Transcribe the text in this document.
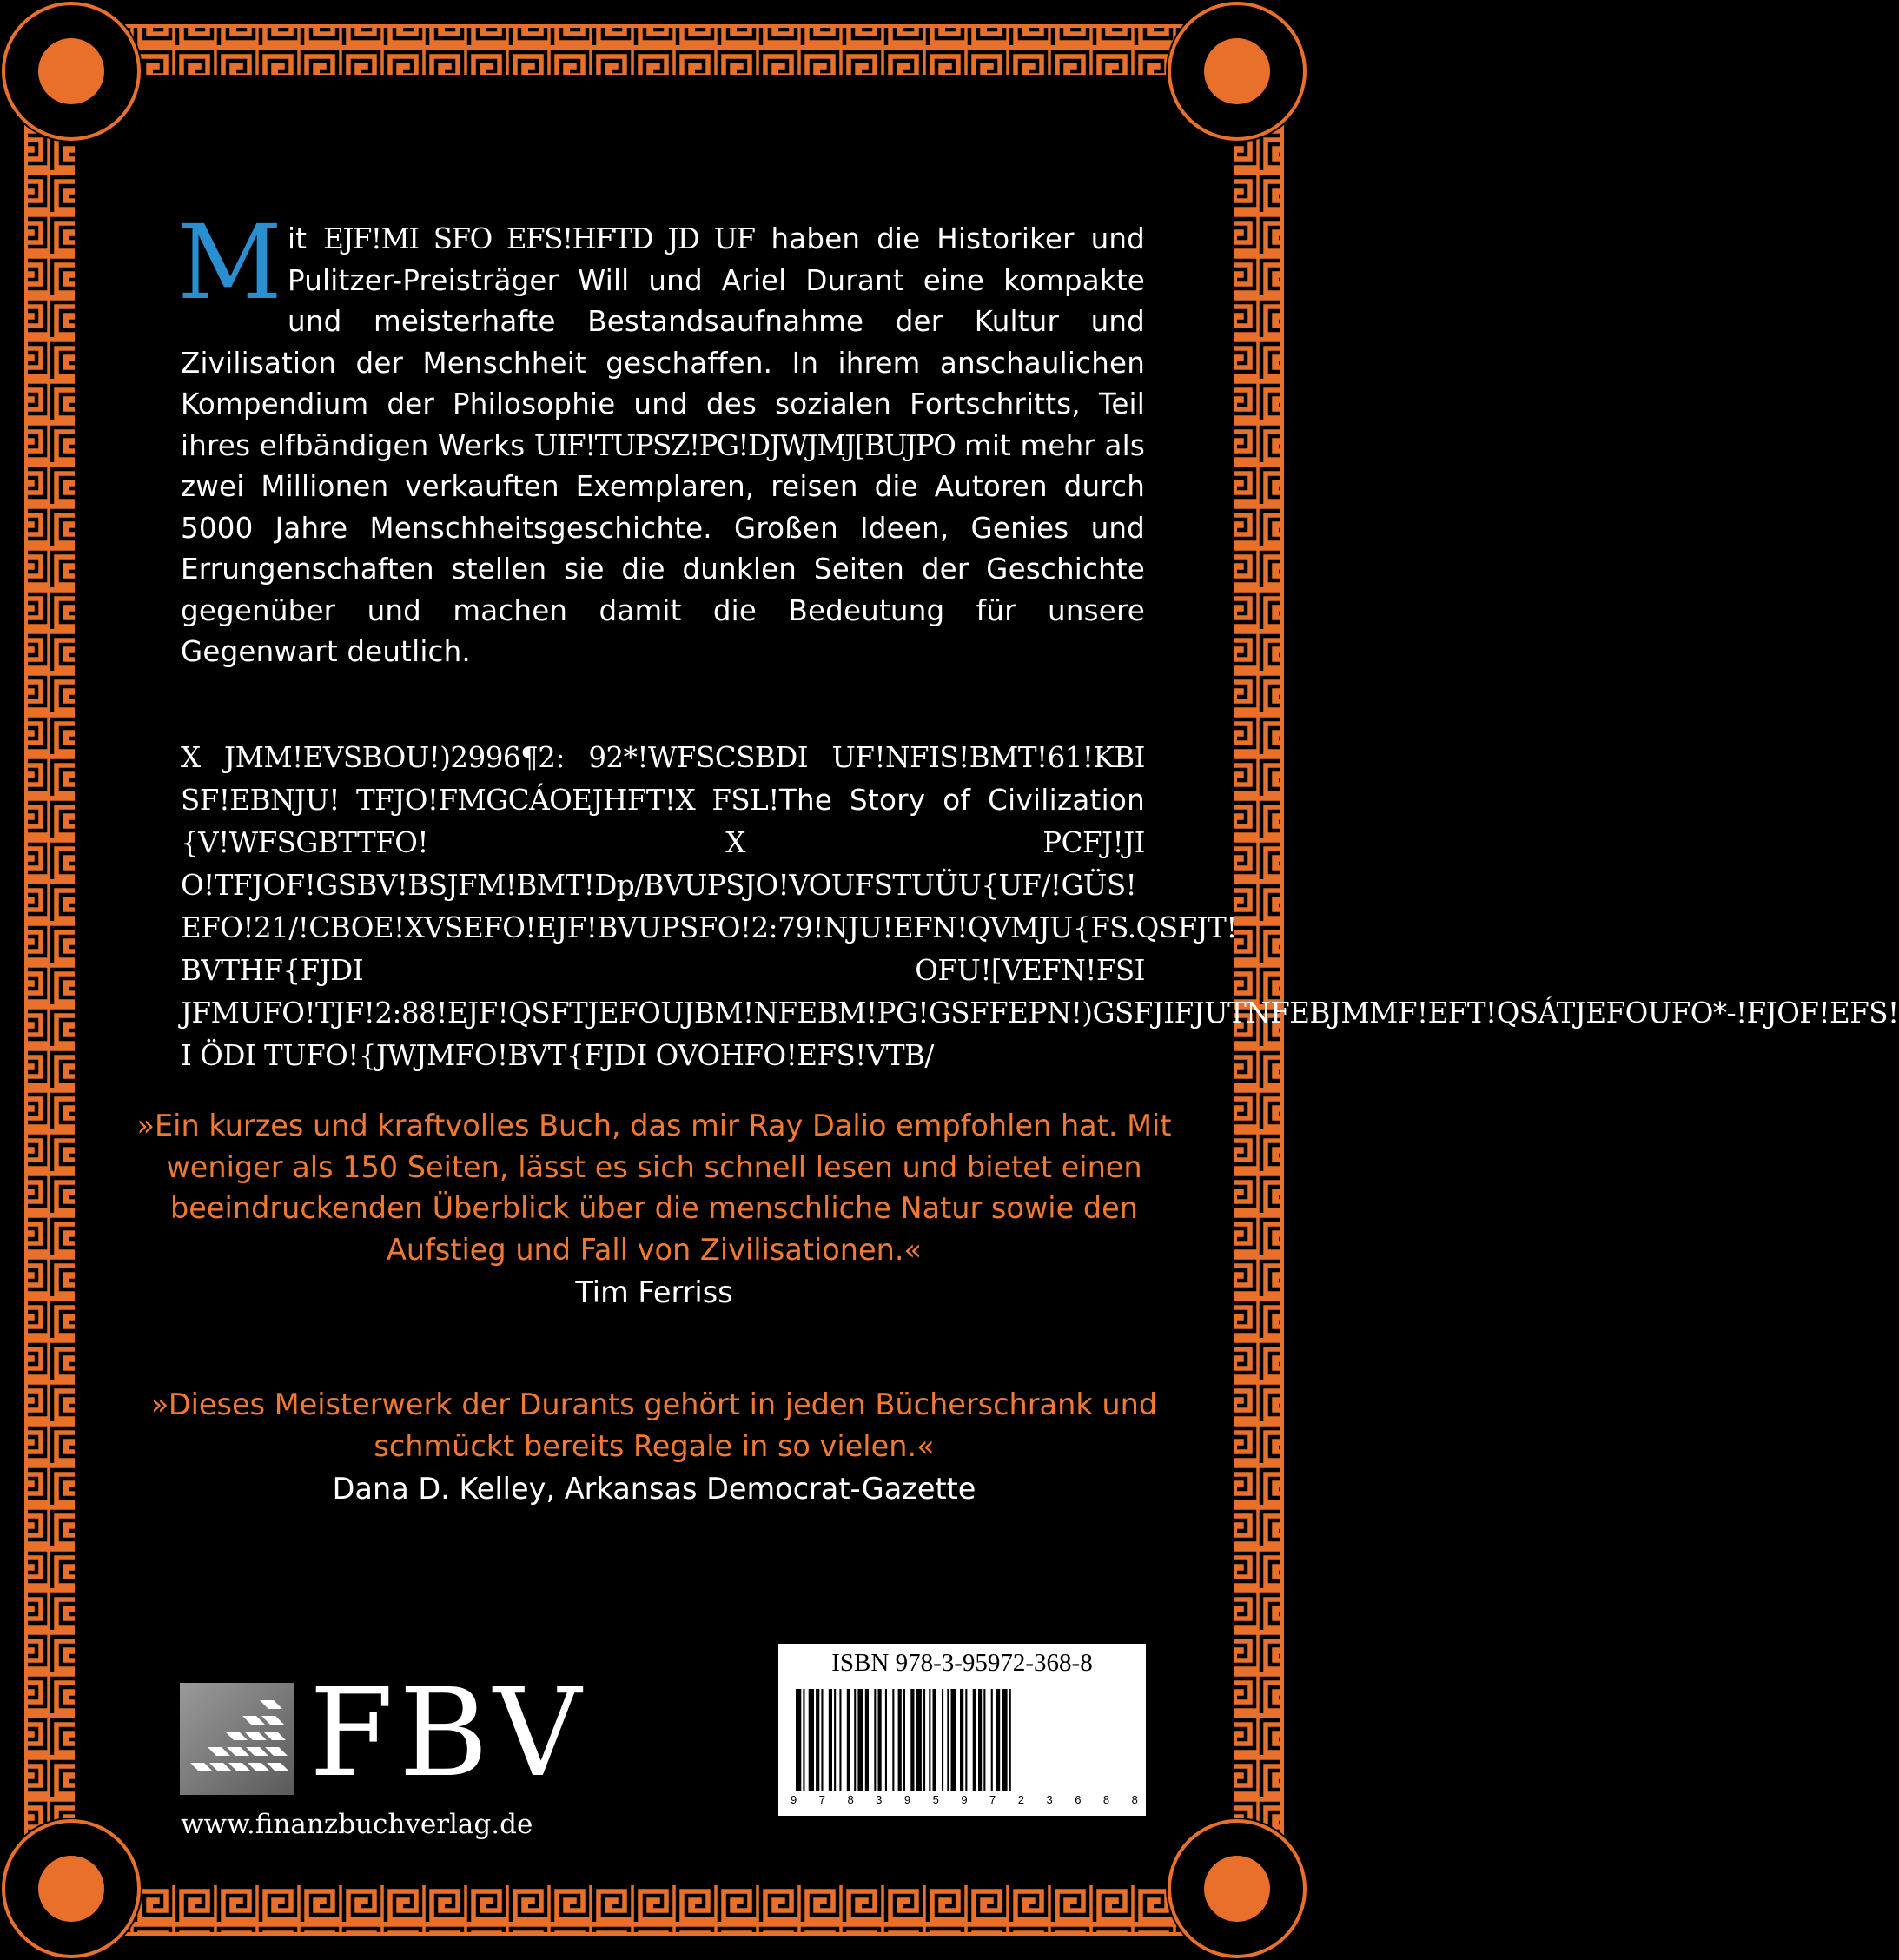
Mit EJF!MI SFO EFS!HFTD JD UF haben die Historiker und Pulitzer-Preisträger Will und Ariel Durant eine kompakte und meisterhafte Bestandsaufnahme der Kultur und Zivilisation der Menschheit geschaffen. In ihrem anschaulichen Kompendium der Philosophie und des sozialen Fortschritts, Teil ihres elfbändigen Werks UIF!TUPSZ!PG!DJWJMJ[BUJPO mit mehr als zwei Millionen verkauften Exemplaren, reisen die Autoren durch 5000 Jahre Menschheitsgeschichte. Großen Ideen, Genies und Errungenschaften stellen sie die dunklen Seiten der Geschichte gegenüber und machen damit die Bedeutung für unsere Gegenwart deutlich.
X JMM!EVSBOU!)2996¶2: 92*!WFSCSBDI UF!NFIS!BMT!61!KBI SF!EBNJU! TFJO!FMGCÁOEJHFT!X FSL!The Story of Civilization {V!WFSGBTTFO! X PCFJ!JI O!TFJOF!GSBV!BSJFM!BMT!Dp/BVUPSJO!VOUFSTUÜU{UF/!GÜS! EFO!21/!CBOE!XVSEFO!EJF!BVUPSFO!2:79!NJU!EFN!QVMJU{FS.QSFJT! BVTHF{FJDI OFU![VEFN!FSI JFMUFO!TJF!2:88!EJF!QSFTJEFOUJBM!NFEBM!PG!GSFFEPN!)GSFJIFJUTNFEBJMMF!EFT!QSÁTJEFOUFO*-!FJOF!EFS! I ÖDI TUFO!{JWJMFO!BVT{FJDI OVOHFO!EFS!VTB/
»Ein kurzes und kraftvolles Buch, das mir Ray Dalio empfohlen hat. Mit weniger als 150 Seiten, lässt es sich schnell lesen und bietet einen beeindruckenden Überblick über die menschliche Natur sowie den Aufstieg und Fall von Zivilisationen.«
Tim Ferriss
»Dieses Meisterwerk der Durants gehört in jeden Bücherschrank und schmückt bereits Regale in so vielen.«
Dana D. Kelley, Arkansas Democrat-Gazette
FBV
www.finanzbuchverlag.de
ISBN 978-3-95972-368-8
9 7 8 3 9 5 9 7 2 3 6 8 8
